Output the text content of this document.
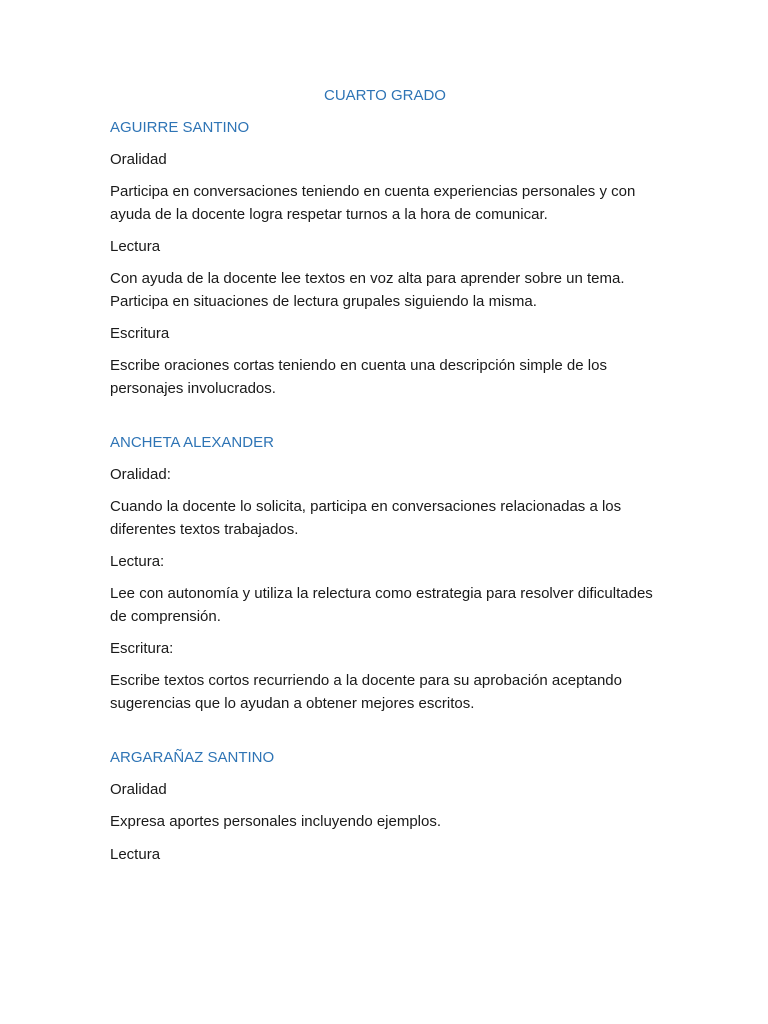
CUARTO GRADO

AGUIRRE SANTINO

Oralidad

Participa en conversaciones teniendo en cuenta experiencias personales y con ayuda de la docente logra respetar turnos a la hora de comunicar.

Lectura

Con ayuda de la docente lee textos en voz alta para aprender sobre un tema. Participa en situaciones de lectura grupales siguiendo la misma.

Escritura

Escribe oraciones cortas teniendo en cuenta una descripción simple de los personajes involucrados.

ANCHETA ALEXANDER

Oralidad:

Cuando la docente lo solicita, participa en conversaciones relacionadas a los diferentes textos trabajados.

Lectura:

Lee con autonomía y utiliza la relectura como estrategia para resolver dificultades de comprensión.

Escritura:

Escribe textos cortos recurriendo a la docente para su aprobación aceptando sugerencias que lo ayudan a obtener mejores escritos.

ARGARAÑAZ SANTINO

Oralidad

Expresa aportes personales incluyendo ejemplos.

Lectura
